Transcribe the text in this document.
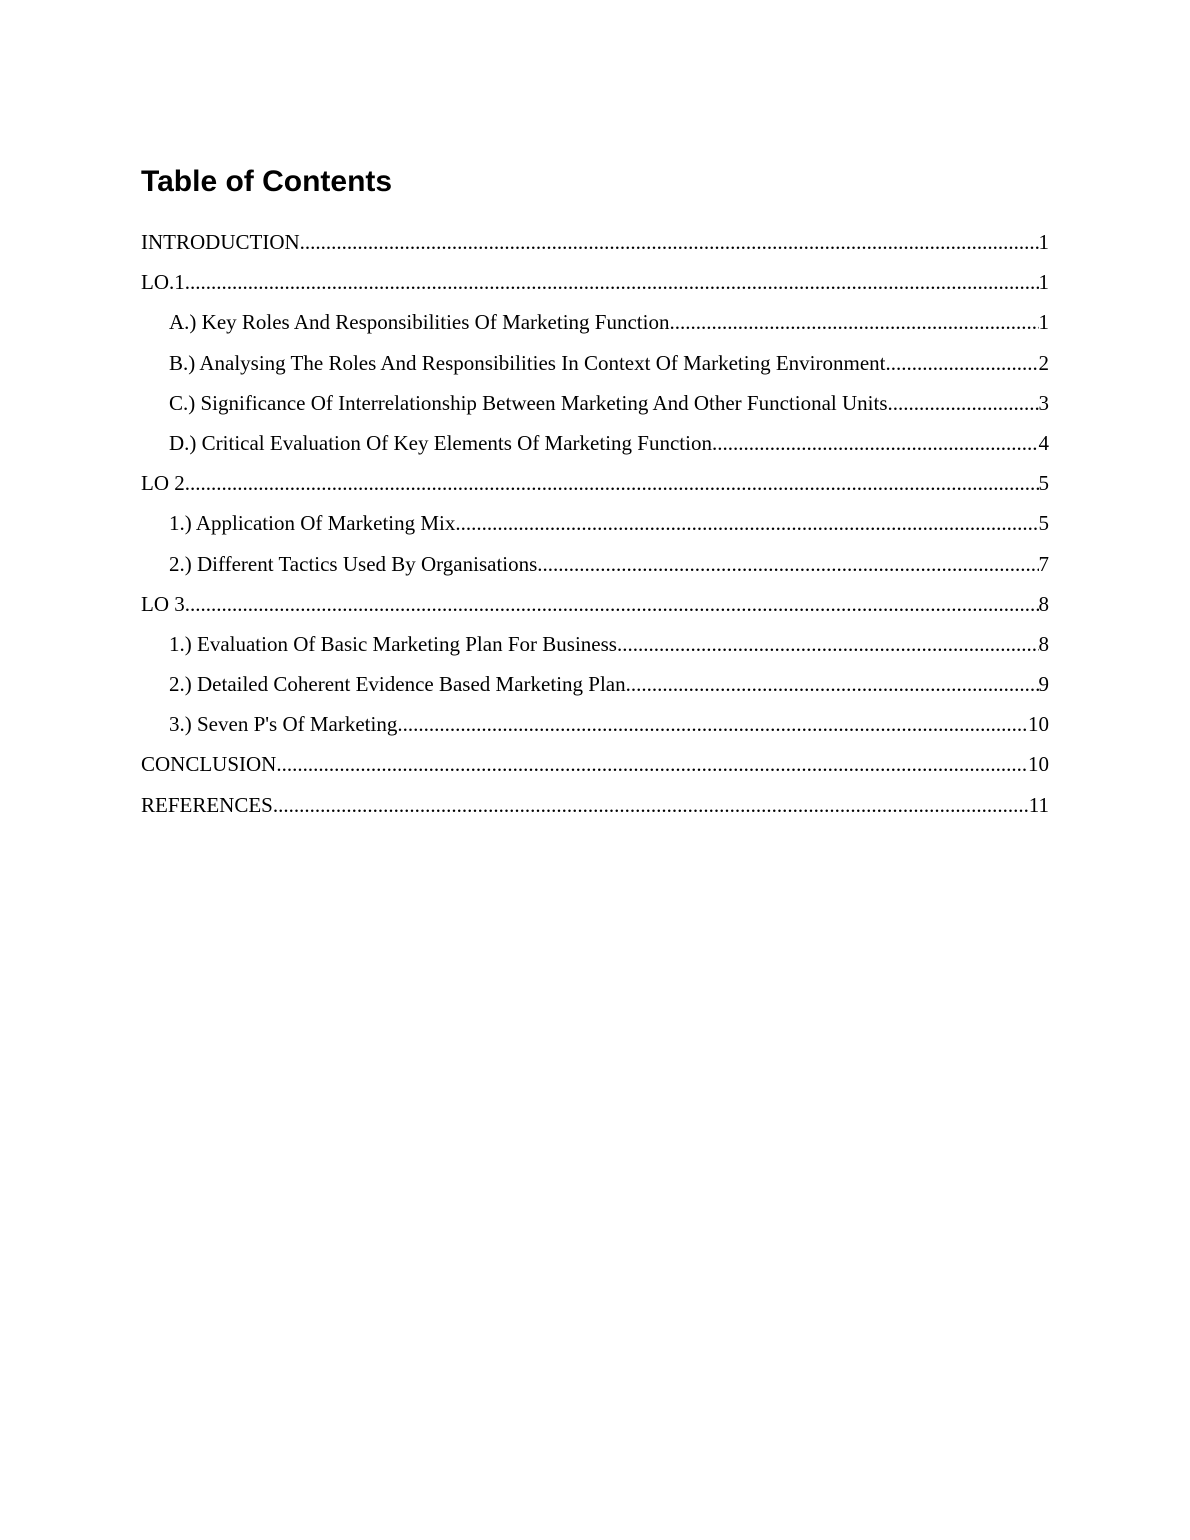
Table of Contents
INTRODUCTION .....	1
LO.1. .....	1
A.) Key Roles And Responsibilities Of Marketing Function .....	1
B.) Analysing The Roles And Responsibilities In Context Of Marketing Environment .....	2
C.) Significance Of Interrelationship Between Marketing And Other Functional Units .....	3
D.) Critical Evaluation Of Key Elements Of Marketing Function .....	4
LO 2 .....	5
1.) Application Of Marketing Mix .....	5
2.) Different Tactics Used By Organisations .....	7
LO 3 .....	8
1.) Evaluation Of Basic Marketing Plan For Business .....	8
2.) Detailed Coherent Evidence Based Marketing Plan .....	9
3.) Seven P's Of Marketing .....	10
CONCLUSION .....	10
REFERENCES .....	11
